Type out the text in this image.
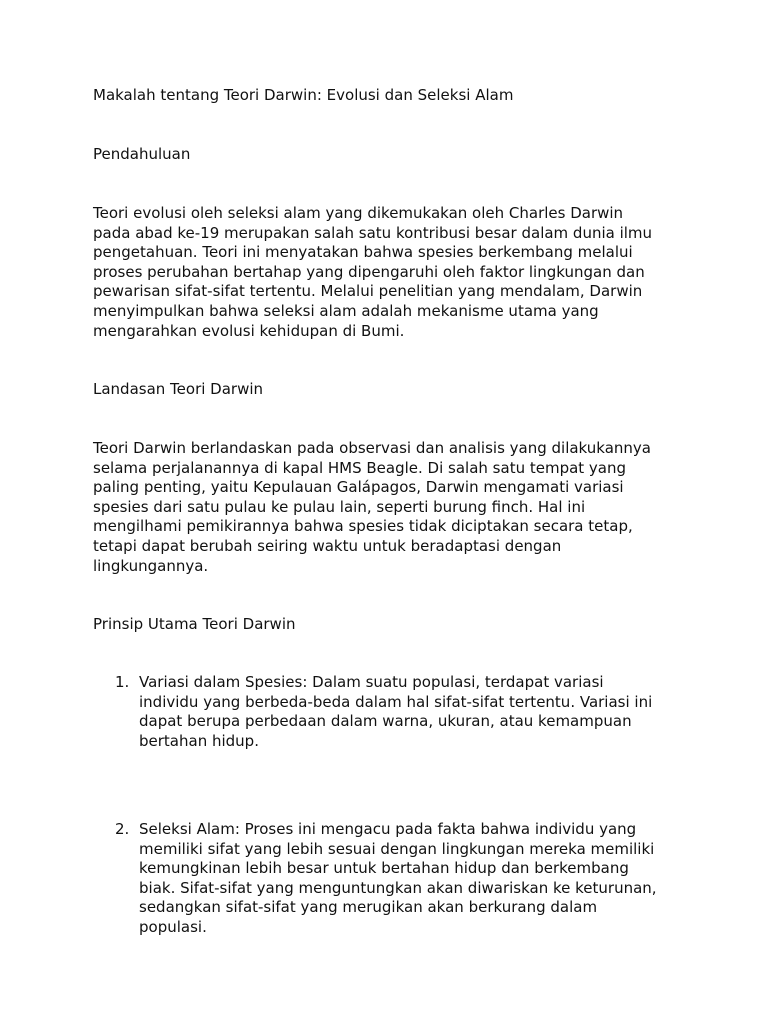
Makalah tentang Teori Darwin: Evolusi dan Seleksi Alam

Pendahuluan

Teori evolusi oleh seleksi alam yang dikemukakan oleh Charles Darwin
pada abad ke-19 merupakan salah satu kontribusi besar dalam dunia ilmu
pengetahuan. Teori ini menyatakan bahwa spesies berkembang melalui
proses perubahan bertahap yang dipengaruhi oleh faktor lingkungan dan
pewarisan sifat-sifat tertentu. Melalui penelitian yang mendalam, Darwin
menyimpulkan bahwa seleksi alam adalah mekanisme utama yang
mengarahkan evolusi kehidupan di Bumi.

Landasan Teori Darwin

Teori Darwin berlandaskan pada observasi dan analisis yang dilakukannya
selama perjalanannya di kapal HMS Beagle. Di salah satu tempat yang
paling penting, yaitu Kepulauan Galápagos, Darwin mengamati variasi
spesies dari satu pulau ke pulau lain, seperti burung finch. Hal ini
mengilhami pemikirannya bahwa spesies tidak diciptakan secara tetap,
tetapi dapat berubah seiring waktu untuk beradaptasi dengan
lingkungannya.

Prinsip Utama Teori Darwin

1. Variasi dalam Spesies: Dalam suatu populasi, terdapat variasi
individu yang berbeda-beda dalam hal sifat-sifat tertentu. Variasi ini
dapat berupa perbedaan dalam warna, ukuran, atau kemampuan
bertahan hidup.
2. Seleksi Alam: Proses ini mengacu pada fakta bahwa individu yang
memiliki sifat yang lebih sesuai dengan lingkungan mereka memiliki
kemungkinan lebih besar untuk bertahan hidup dan berkembang
biak. Sifat-sifat yang menguntungkan akan diwariskan ke keturunan,
sedangkan sifat-sifat yang merugikan akan berkurang dalam
populasi.
